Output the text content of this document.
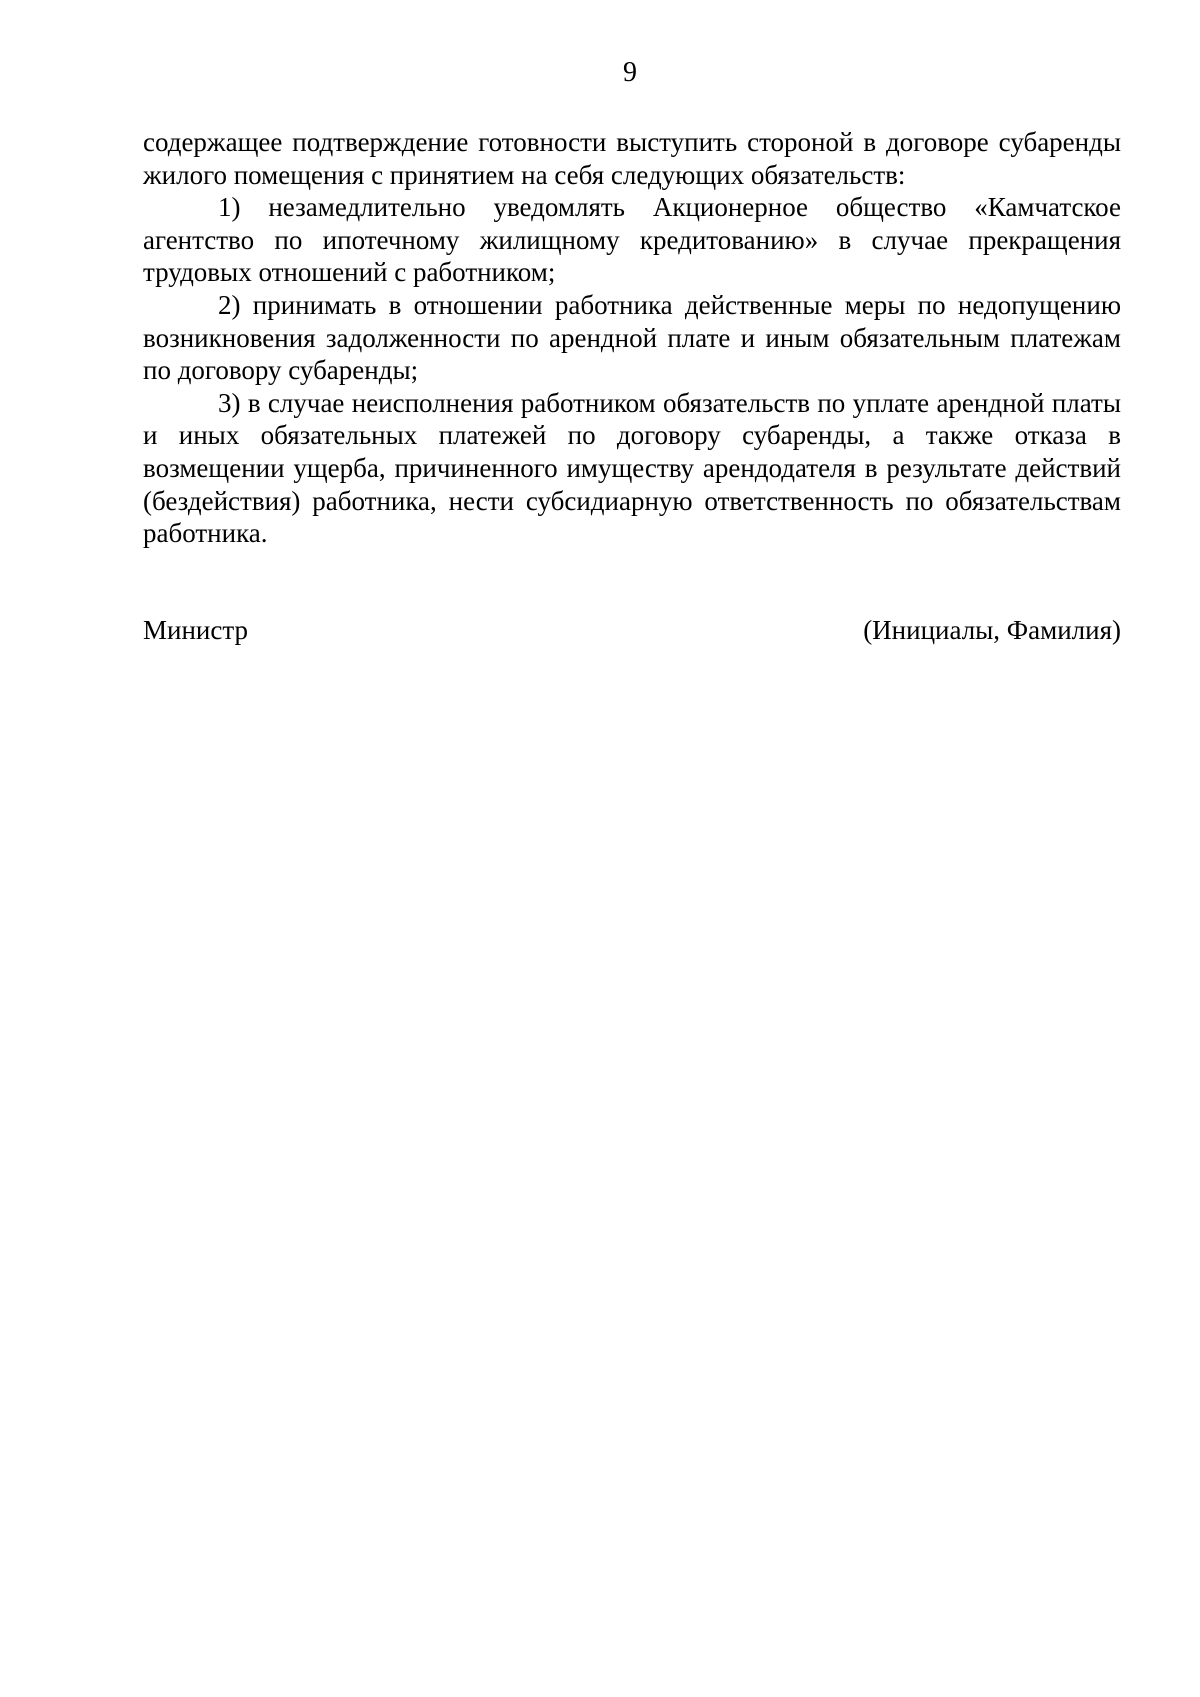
9

содержащее подтверждение готовности выступить стороной в договоре субаренды жилого помещения с принятием на себя следующих обязательств:

1) незамедлительно уведомлять Акционерное общество «Камчатское агентство по ипотечному жилищному кредитованию» в случае прекращения трудовых отношений с работником;

2) принимать в отношении работника действенные меры по недопущению возникновения задолженности по арендной плате и иным обязательным платежам по договору субаренды;

3) в случае неисполнения работником обязательств по уплате арендной платы и иных обязательных платежей по договору субаренды, а также отказа в возмещении ущерба, причиненного имуществу арендодателя в результате действий (бездействия) работника, нести субсидиарную ответственность по обязательствам работника.

Министр	(Инициалы, Фамилия)
